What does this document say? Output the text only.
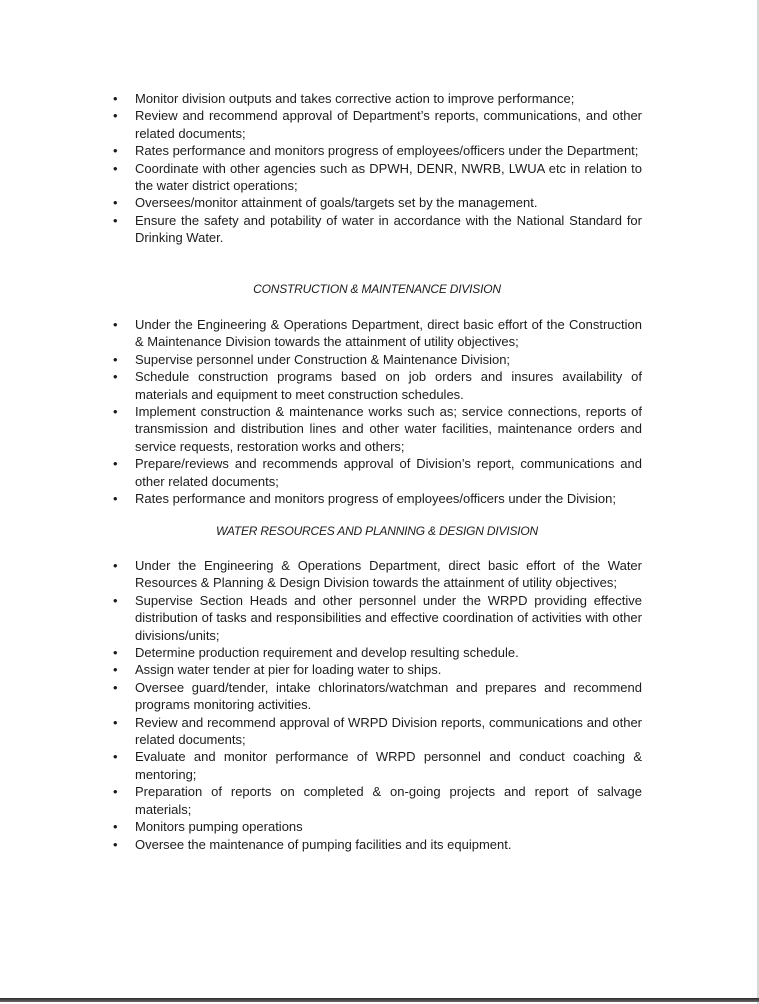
• Monitor division outputs and takes corrective action to improve performance;
• Review and recommend approval of Department’s reports, communications, and other related documents;
• Rates performance and monitors progress of employees/officers under the Department;
• Coordinate with other agencies such as DPWH, DENR, NWRB, LWUA etc in relation to the water district operations;
• Oversees/monitor attainment of goals/targets set by the management.
• Ensure the safety and potability of water in accordance with the National Standard for Drinking Water.
CONSTRUCTION & MAINTENANCE DIVISION
• Under the Engineering & Operations Department, direct basic effort of the Construction & Maintenance Division towards the attainment of utility objectives;
• Supervise personnel under Construction & Maintenance Division;
• Schedule construction programs based on job orders and insures availability of materials and equipment to meet construction schedules.
• Implement construction & maintenance works such as; service connections, reports of transmission and distribution lines and other water facilities, maintenance orders and service requests, restoration works and others;
• Prepare/reviews and recommends approval of Division’s report, communications and other related documents;
• Rates performance and monitors progress of employees/officers under the Division;
WATER RESOURCES AND PLANNING & DESIGN DIVISION
• Under the Engineering & Operations Department, direct basic effort of the Water Resources & Planning & Design Division towards the attainment of utility objectives;
• Supervise Section Heads and other personnel under the WRPD providing effective distribution of tasks and responsibilities and effective coordination of activities with other divisions/units;
• Determine production requirement and develop resulting schedule.
• Assign water tender at pier for loading water to ships.
• Oversee guard/tender, intake chlorinators/watchman and prepares and recommend programs monitoring activities.
• Review and recommend approval of WRPD Division reports, communications and other related documents;
• Evaluate and monitor performance of WRPD personnel and conduct coaching & mentoring;
• Preparation of reports on completed & on-going projects and report of salvage materials;
• Monitors pumping operations
• Oversee the maintenance of pumping facilities and its equipment.
